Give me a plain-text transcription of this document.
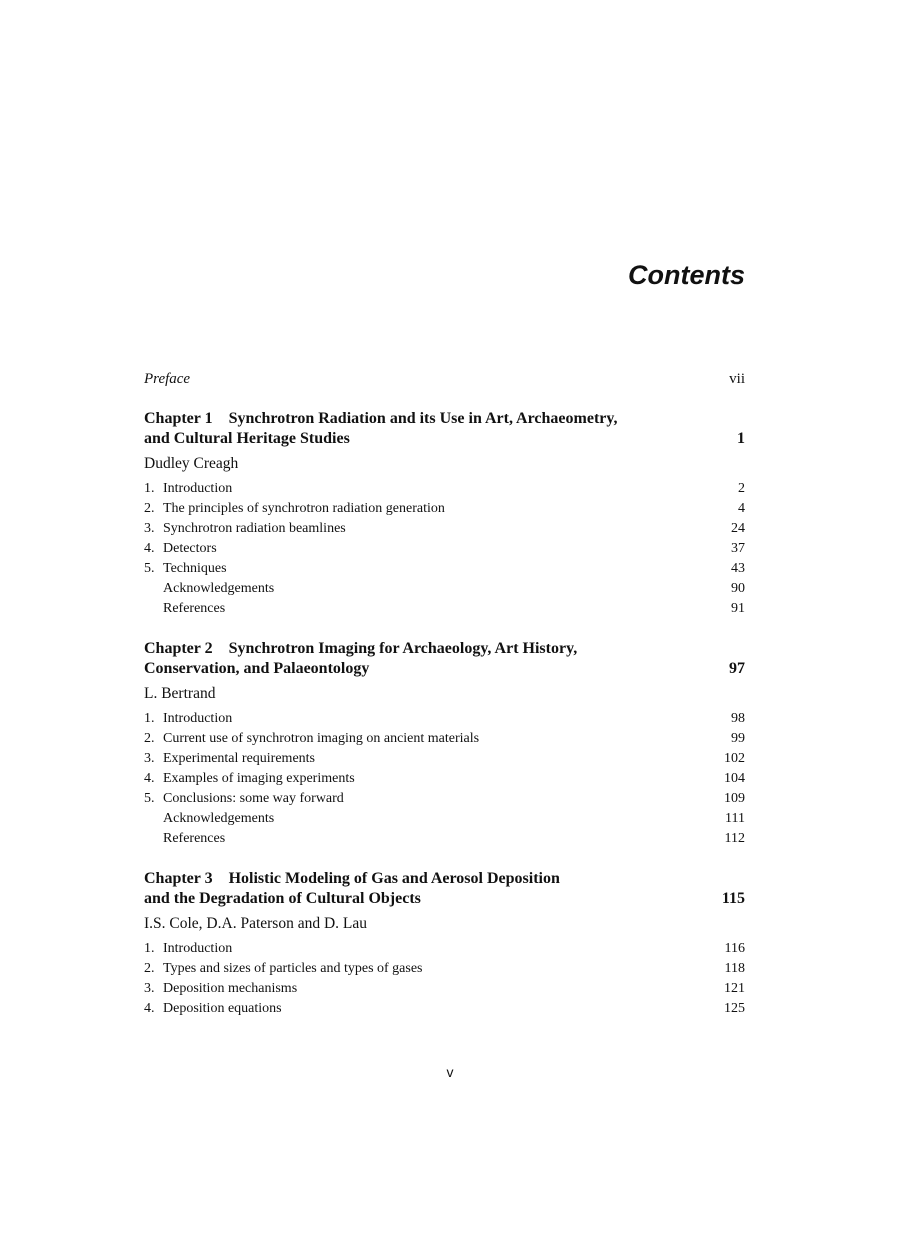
Contents
Preface	vii
Chapter 1 Synchrotron Radiation and its Use in Art, Archaeometry,
and Cultural Heritage Studies	1
Dudley Creagh
1. Introduction	2
2. The principles of synchrotron radiation generation	4
3. Synchrotron radiation beamlines	24
4. Detectors	37
5. Techniques	43
Acknowledgements	90
References	91
Chapter 2 Synchrotron Imaging for Archaeology, Art History,
Conservation, and Palaeontology	97
L. Bertrand
1. Introduction	98
2. Current use of synchrotron imaging on ancient materials	99
3. Experimental requirements	102
4. Examples of imaging experiments	104
5. Conclusions: some way forward	109
Acknowledgements	111
References	112
Chapter 3 Holistic Modeling of Gas and Aerosol Deposition
and the Degradation of Cultural Objects	115
I.S. Cole, D.A. Paterson and D. Lau
1. Introduction	116
2. Types and sizes of particles and types of gases	118
3. Deposition mechanisms	121
4. Deposition equations	125
v
